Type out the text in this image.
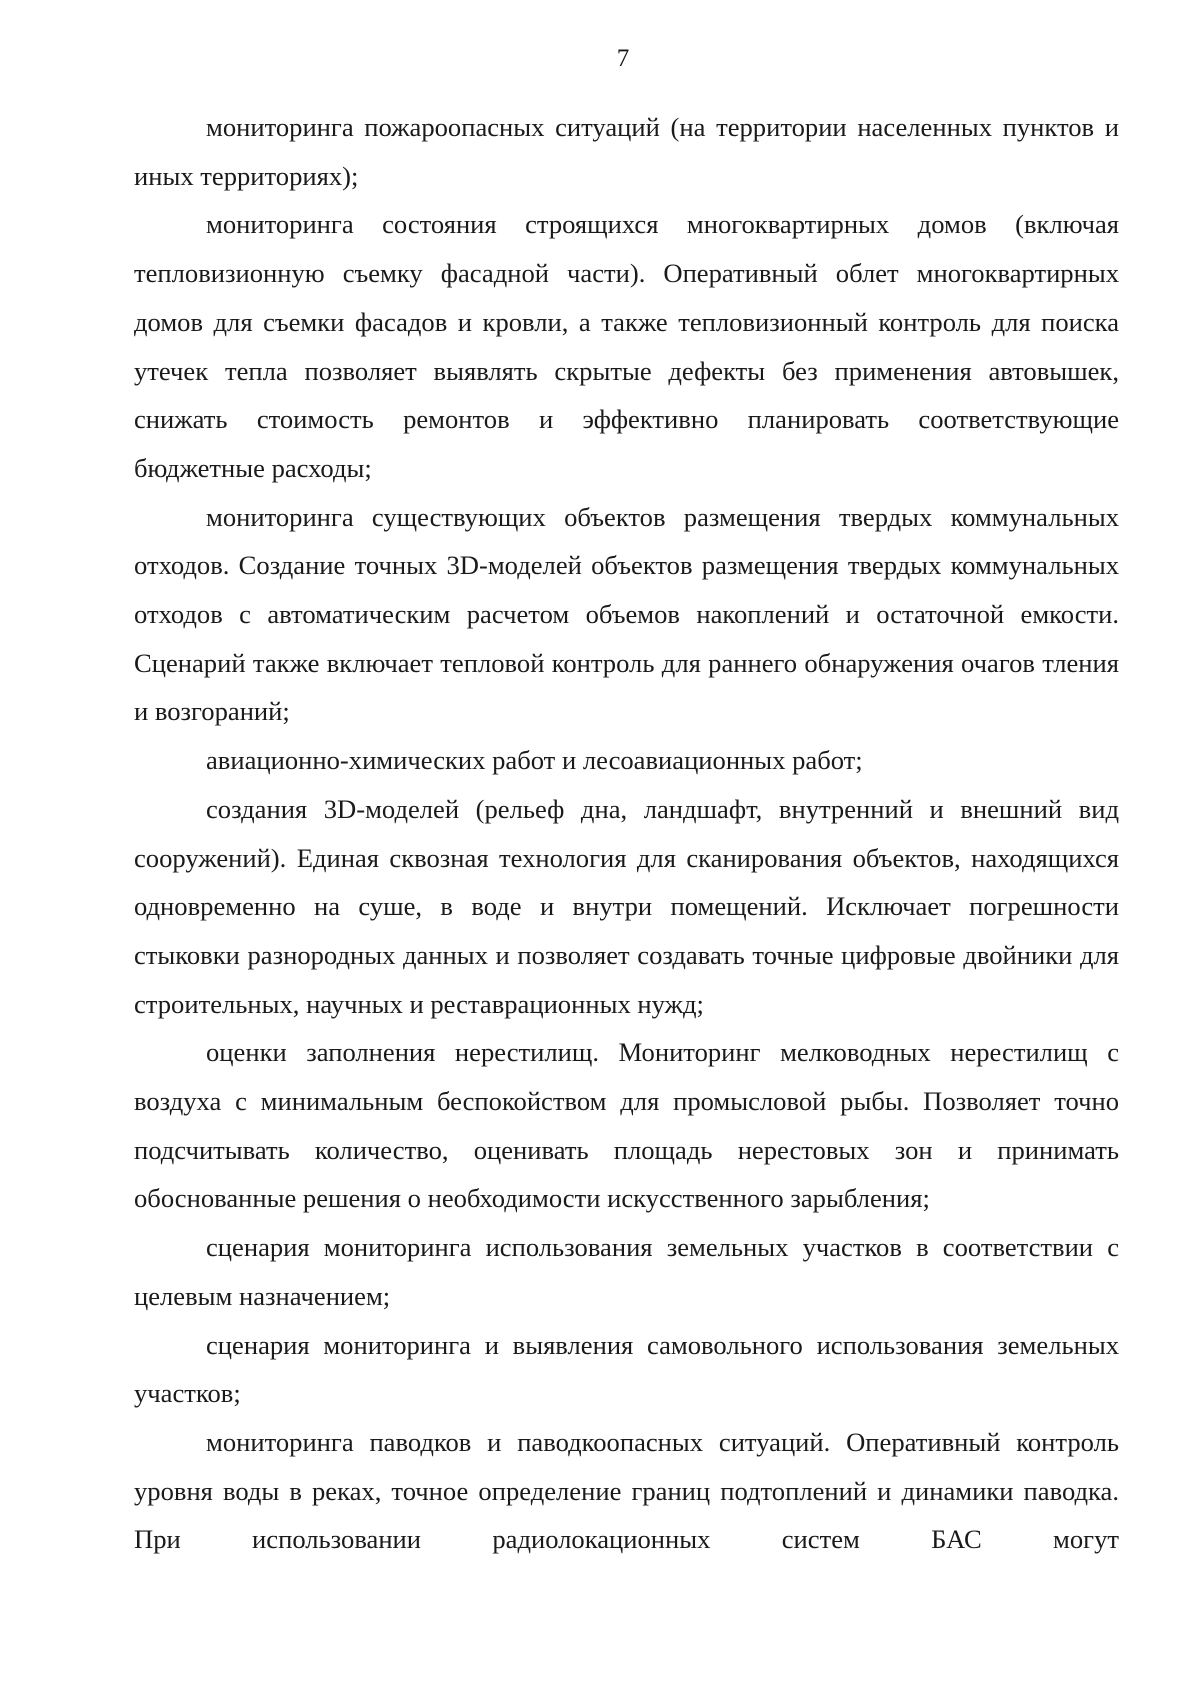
7

мониторинга пожароопасных ситуаций (на территории населенных пунктов и иных территориях);

мониторинга состояния строящихся многоквартирных домов (включая тепловизионную съемку фасадной части). Оперативный облет многоквартирных домов для съемки фасадов и кровли, а также тепловизионный контроль для поиска утечек тепла позволяет выявлять скрытые дефекты без применения автовышек, снижать стоимость ремонтов и эффективно планировать соответствующие бюджетные расходы;

мониторинга существующих объектов размещения твердых коммунальных отходов. Создание точных 3D-моделей объектов размещения твердых коммунальных отходов с автоматическим расчетом объемов накоплений и остаточной емкости. Сценарий также включает тепловой контроль для раннего обнаружения очагов тления и возгораний;

авиационно-химических работ и лесоавиационных работ;

создания 3D-моделей (рельеф дна, ландшафт, внутренний и внешний вид сооружений). Единая сквозная технология для сканирования объектов, находящихся одновременно на суше, в воде и внутри помещений. Исключает погрешности стыковки разнородных данных и позволяет создавать точные цифровые двойники для строительных, научных и реставрационных нужд;

оценки заполнения нерестилищ. Мониторинг мелководных нерестилищ с воздуха с минимальным беспокойством для промысловой рыбы. Позволяет точно подсчитывать количество, оценивать площадь нерестовых зон и принимать обоснованные решения о необходимости искусственного зарыбления;

сценария мониторинга использования земельных участков в соответствии с целевым назначением;

сценария мониторинга и выявления самовольного использования земельных участков;

мониторинга паводков и паводкоопасных ситуаций. Оперативный контроль уровня воды в реках, точное определение границ подтоплений и динамики паводка. При использовании радиолокационных систем БАС могут
